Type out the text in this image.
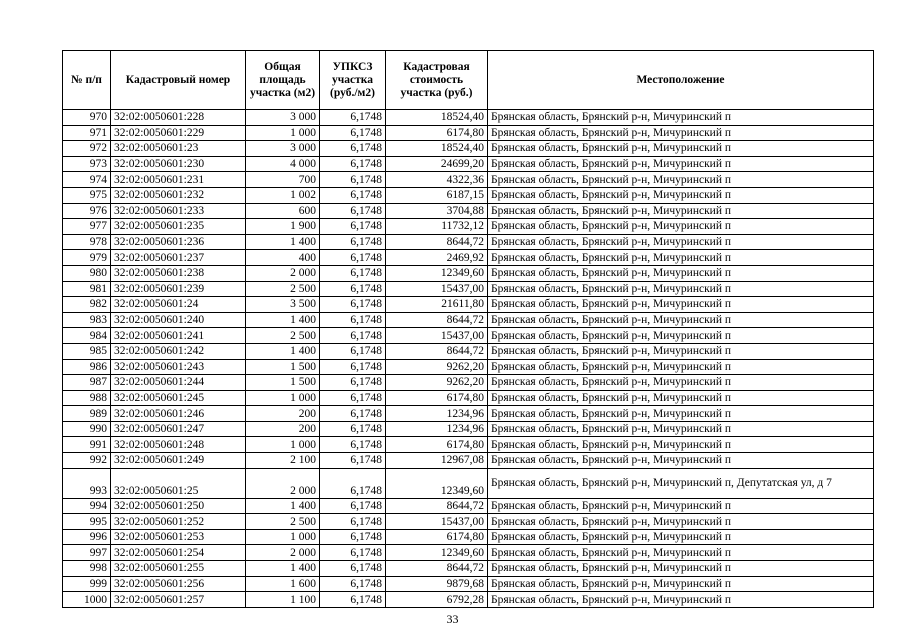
№ п/п	Кадастровый номер	Общая площадь участка (м2)	УПКСЗ участка (руб./м2)	Кадастровая стоимость участка (руб.)	Местоположение
970	32:02:0050601:228	3 000	6,1748	18524,40	Брянская область, Брянский р-н, Мичуринский п
971	32:02:0050601:229	1 000	6,1748	6174,80	Брянская область, Брянский р-н, Мичуринский п
972	32:02:0050601:23	3 000	6,1748	18524,40	Брянская область, Брянский р-н, Мичуринский п
973	32:02:0050601:230	4 000	6,1748	24699,20	Брянская область, Брянский р-н, Мичуринский п
974	32:02:0050601:231	700	6,1748	4322,36	Брянская область, Брянский р-н, Мичуринский п
975	32:02:0050601:232	1 002	6,1748	6187,15	Брянская область, Брянский р-н, Мичуринский п
976	32:02:0050601:233	600	6,1748	3704,88	Брянская область, Брянский р-н, Мичуринский п
977	32:02:0050601:235	1 900	6,1748	11732,12	Брянская область, Брянский р-н, Мичуринский п
978	32:02:0050601:236	1 400	6,1748	8644,72	Брянская область, Брянский р-н, Мичуринский п
979	32:02:0050601:237	400	6,1748	2469,92	Брянская область, Брянский р-н, Мичуринский п
980	32:02:0050601:238	2 000	6,1748	12349,60	Брянская область, Брянский р-н, Мичуринский п
981	32:02:0050601:239	2 500	6,1748	15437,00	Брянская область, Брянский р-н, Мичуринский п
982	32:02:0050601:24	3 500	6,1748	21611,80	Брянская область, Брянский р-н, Мичуринский п
983	32:02:0050601:240	1 400	6,1748	8644,72	Брянская область, Брянский р-н, Мичуринский п
984	32:02:0050601:241	2 500	6,1748	15437,00	Брянская область, Брянский р-н, Мичуринский п
985	32:02:0050601:242	1 400	6,1748	8644,72	Брянская область, Брянский р-н, Мичуринский п
986	32:02:0050601:243	1 500	6,1748	9262,20	Брянская область, Брянский р-н, Мичуринский п
987	32:02:0050601:244	1 500	6,1748	9262,20	Брянская область, Брянский р-н, Мичуринский п
988	32:02:0050601:245	1 000	6,1748	6174,80	Брянская область, Брянский р-н, Мичуринский п
989	32:02:0050601:246	200	6,1748	1234,96	Брянская область, Брянский р-н, Мичуринский п
990	32:02:0050601:247	200	6,1748	1234,96	Брянская область, Брянский р-н, Мичуринский п
991	32:02:0050601:248	1 000	6,1748	6174,80	Брянская область, Брянский р-н, Мичуринский п
992	32:02:0050601:249	2 100	6,1748	12967,08	Брянская область, Брянский р-н, Мичуринский п
993	32:02:0050601:25	2 000	6,1748	12349,60	Брянская область, Брянский р-н, Мичуринский п, Депутатская ул, д 7
994	32:02:0050601:250	1 400	6,1748	8644,72	Брянская область, Брянский р-н, Мичуринский п
995	32:02:0050601:252	2 500	6,1748	15437,00	Брянская область, Брянский р-н, Мичуринский п
996	32:02:0050601:253	1 000	6,1748	6174,80	Брянская область, Брянский р-н, Мичуринский п
997	32:02:0050601:254	2 000	6,1748	12349,60	Брянская область, Брянский р-н, Мичуринский п
998	32:02:0050601:255	1 400	6,1748	8644,72	Брянская область, Брянский р-н, Мичуринский п
999	32:02:0050601:256	1 600	6,1748	9879,68	Брянская область, Брянский р-н, Мичуринский п
1000	32:02:0050601:257	1 100	6,1748	6792,28	Брянская область, Брянский р-н, Мичуринский п
33
